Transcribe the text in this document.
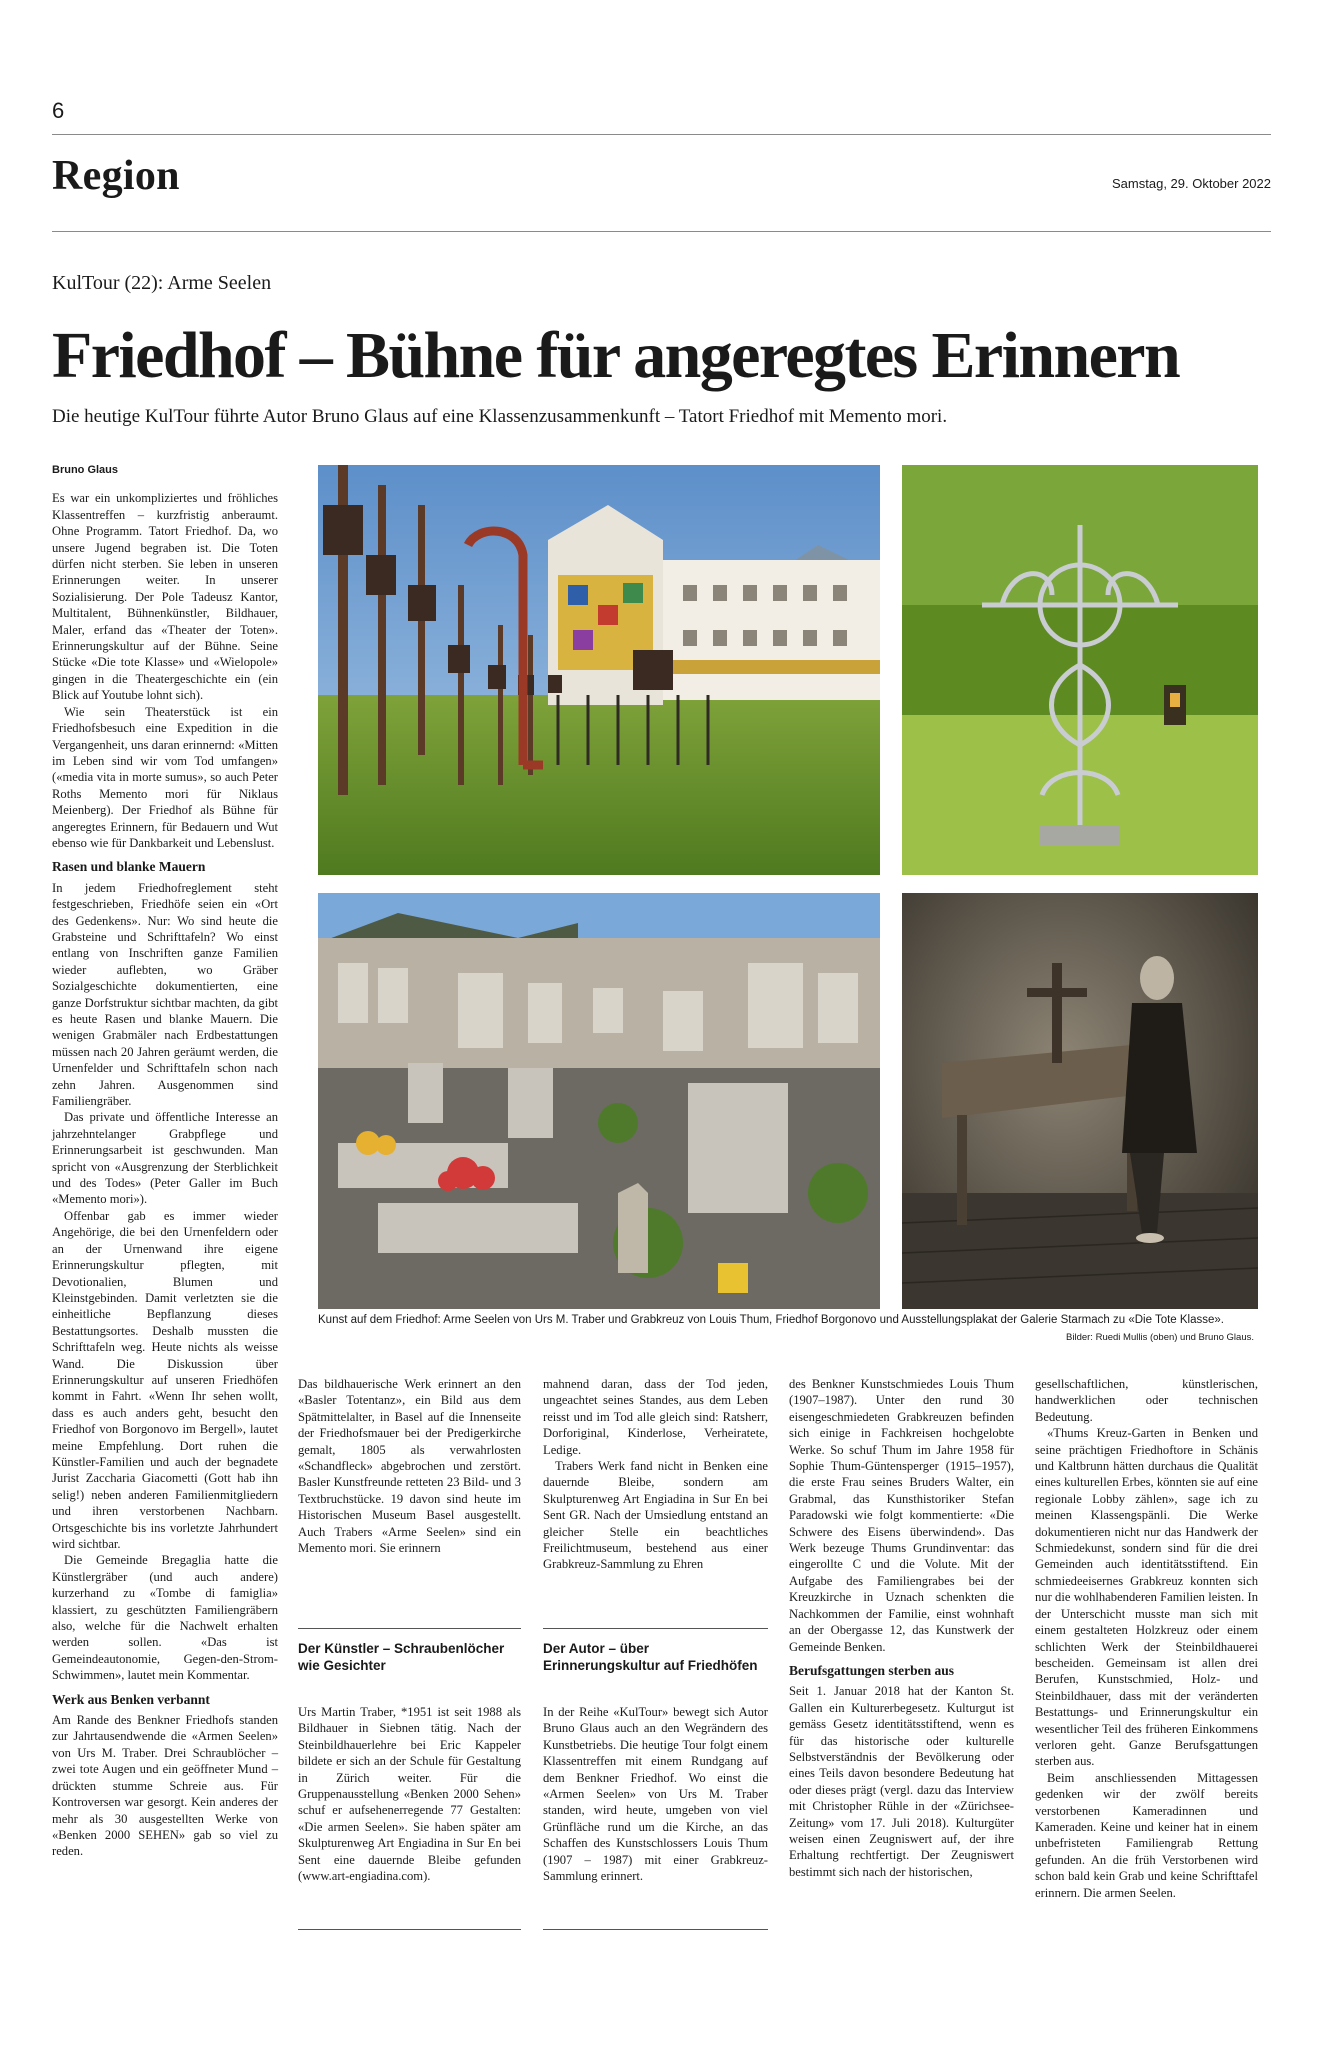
6
Region	Samstag, 29. Oktober 2022
KulTour (22): Arme Seelen
Friedhof – Bühne für angeregtes Erinnern
Die heutige KulTour führte Autor Bruno Glaus auf eine Klassenzusammenkunft – Tatort Friedhof mit Memento mori.
Bruno Glaus

Es war ein unkompliziertes und fröhliches Klassentreffen – kurzfristig anberaumt. Ohne Programm. Tatort Friedhof. Da, wo unsere Jugend begraben ist. Die Toten dürfen nicht sterben. Sie leben in unseren Erinnerungen weiter. In unserer Sozialisierung. Der Pole Tadeusz Kantor, Multitalent, Bühnenkünstler, Bildhauer, Maler, erfand das «Theater der Toten». Erinnerungskultur auf der Bühne. Seine Stücke «Die tote Klasse» und «Wielopole» gingen in die Theatergeschichte ein (ein Blick auf Youtube lohnt sich).

Wie sein Theaterstück ist ein Friedhofsbesuch eine Expedition in die Vergangenheit, uns daran erinnernd: «Mitten im Leben sind wir vom Tod umfangen» («media vita in morte sumus», so auch Peter Roths Memento mori für Niklaus Meienberg). Der Friedhof als Bühne für angeregtes Erinnern, für Bedauern und Wut ebenso wie für Dankbarkeit und Lebenslust.

Rasen und blanke Mauern

In jedem Friedhofreglement steht festgeschrieben, Friedhöfe seien ein «Ort des Gedenkens». Nur: Wo sind heute die Grabsteine und Schrifttafeln? Wo einst entlang von Inschriften ganze Familien wieder auflebten, wo Gräber Sozialgeschichte dokumentierten, eine ganze Dorfstruktur sichtbar machten, da gibt es heute Rasen und blanke Mauern. Die wenigen Grabmäler nach Erdbestattungen müssen nach 20 Jahren geräumt werden, die Urnenfelder und Schrifttafeln schon nach zehn Jahren. Ausgenommen sind Familiengräber.

Das private und öffentliche Interesse an jahrzehntelanger Grabpflege und Erinnerungsarbeit ist geschwunden. Man spricht von «Ausgrenzung der Sterblichkeit und des Todes» (Peter Galler im Buch «Memento mori»).

Offenbar gab es immer wieder Angehörige, die bei den Urnenfeldern oder an der Urnenwand ihre eigene Erinnerungskultur pflegten, mit Devotionalien, Blumen und Kleinstgebinden. Damit verletzten sie die einheitliche Bepflanzung dieses Bestattungsortes. Deshalb mussten die Schrifttafeln weg. Heute nichts als weisse Wand. Die Diskussion über Erinnerungskultur auf unseren Friedhöfen kommt in Fahrt. «Wenn Ihr sehen wollt, dass es auch anders geht, besucht den Friedhof von Borgonovo im Bergell», lautet meine Empfehlung. Dort ruhen die Künstler-Familien und auch der begnadete Jurist Zaccharia Giacometti (Gott hab ihn selig!) neben anderen Familienmitgliedern und ihren verstorbenen Nachbarn. Ortsgeschichte bis ins vorletzte Jahrhundert wird sichtbar.

Die Gemeinde Bregaglia hatte die Künstlergräber (und auch andere) kurzerhand zu «Tombe di famiglia» klassiert, zu geschützten Familiengräbern also, welche für die Nachwelt erhalten werden sollen. «Das ist Gemeindeautonomie, Gegen-den-Strom-Schwimmen», lautet mein Kommentar.

Werk aus Benken verbannt

Am Rande des Benkner Friedhofs standen zur Jahrtausendwende die «Armen Seelen» von Urs M. Traber. Drei Schraublöcher – zwei tote Augen und ein geöffneter Mund – drückten stumme Schreie aus. Für Kontroversen war gesorgt. Kein anderes der mehr als 30 ausgestellten Werke von «Benken 2000 SEHEN» gab so viel zu reden.

Kunst auf dem Friedhof: Arme Seelen von Urs M. Traber und Grabkreuz von Louis Thum, Friedhof Borgonovo und Ausstellungsplakat der Galerie Starmach zu «Die Tote Klasse».
Bilder: Ruedi Mullis (oben) und Bruno Glaus.

Das bildhauerische Werk erinnert an den «Basler Totentanz», ein Bild aus dem Spätmittelalter, in Basel auf die Innenseite der Friedhofsmauer bei der Predigerkirche gemalt, 1805 als verwahrlosten «Schandfleck» abgebrochen und zerstört. Basler Kunstfreunde retteten 23 Bild- und 3 Textbruchstücke. 19 davon sind heute im Historischen Museum Basel ausgestellt. Auch Trabers «Arme Seelen» sind ein Memento mori. Sie erinnern

Der Künstler – Schraubenlöcher wie Gesichter
Urs Martin Traber, *1951 ist seit 1988 als Bildhauer in Siebnen tätig. Nach der Steinbildhauerlehre bei Eric Kappeler bildete er sich an der Schule für Gestaltung in Zürich weiter. Für die Gruppenausstellung «Benken 2000 Sehen» schuf er aufsehenerregende 77 Gestalten: «Die armen Seelen». Sie haben später am Skulpturenweg Art Engiadina in Sur En bei Sent eine dauernde Bleibe gefunden (www.art-engiadina.com).

mahnend daran, dass der Tod jeden, ungeachtet seines Standes, aus dem Leben reisst und im Tod alle gleich sind: Ratsherr, Dorforiginal, Kinderlose, Verheiratete, Ledige.

Trabers Werk fand nicht in Benken eine dauernde Bleibe, sondern am Skulpturenweg Art Engiadina in Sur En bei Sent GR. Nach der Umsiedlung entstand an gleicher Stelle ein beachtliches Freilichtmuseum, bestehend aus einer Grabkreuz-Sammlung zu Ehren

Der Autor – über Erinnerungskultur auf Friedhöfen
In der Reihe «KulTour» bewegt sich Autor Bruno Glaus auch an den Wegrändern des Kunstbetriebs. Die heutige Tour folgt einem Klassentreffen mit einem Rundgang auf dem Benkner Friedhof. Wo einst die «Armen Seelen» von Urs M. Traber standen, wird heute, umgeben von viel Grünfläche rund um die Kirche, an das Schaffen des Kunstschlossers Louis Thum (1907 – 1987) mit einer Grabkreuz-Sammlung erinnert.

des Benkner Kunstschmiedes Louis Thum (1907–1987). Unter den rund 30 eisengeschmiedeten Grabkreuzen befinden sich einige in Fachkreisen hochgelobte Werke. So schuf Thum im Jahre 1958 für Sophie Thum-Güntensperger (1915–1957), die erste Frau seines Bruders Walter, ein Grabmal, das Kunsthistoriker Stefan Paradowski wie folgt kommentierte: «Die Schwere des Eisens überwindend». Das Werk bezeuge Thums Grundinventar: das eingerollte C und die Volute. Mit der Aufgabe des Familiengrabes bei der Kreuzkirche in Uznach schenkten die Nachkommen der Familie, einst wohnhaft an der Obergasse 12, das Kunstwerk der Gemeinde Benken.

Berufsgattungen sterben aus

Seit 1. Januar 2018 hat der Kanton St. Gallen ein Kulturerbegesetz. Kulturgut ist gemäss Gesetz identitätsstiftend, wenn es für das historische oder kulturelle Selbstverständnis der Bevölkerung oder eines Teils davon besondere Bedeutung hat oder dieses prägt (vergl. dazu das Interview mit Christopher Rühle in der «Zürichsee-Zeitung» vom 17. Juli 2018). Kulturgüter weisen einen Zeugniswert auf, der ihre Erhaltung rechtfertigt. Der Zeugniswert bestimmt sich nach der historischen,

gesellschaftlichen, künstlerischen, handwerklichen oder technischen Bedeutung.

«Thums Kreuz-Garten in Benken und seine prächtigen Friedhoftore in Schänis und Kaltbrunn hätten durchaus die Qualität eines kulturellen Erbes, könnten sie auf eine regionale Lobby zählen», sage ich zu meinen Klassengspänli. Die Werke dokumentieren nicht nur das Handwerk der Schmiedekunst, sondern sind für die drei Gemeinden auch identitätsstiftend. Ein schmiedeeisernes Grabkreuz konnten sich nur die wohlhabenderen Familien leisten. In der Unterschicht musste man sich mit einem gestalteten Holzkreuz oder einem schlichten Werk der Steinbildhauerei bescheiden. Gemeinsam ist allen drei Berufen, Kunstschmied, Holz- und Steinbildhauer, dass mit der veränderten Bestattungs- und Erinnerungskultur ein wesentlicher Teil des früheren Einkommens verloren geht. Ganze Berufsgattungen sterben aus.

Beim anschliessenden Mittagessen gedenken wir der zwölf bereits verstorbenen Kameradinnen und Kameraden. Keine und keiner hat in einem unbefristeten Familiengrab Rettung gefunden. An die früh Verstorbenen wird schon bald kein Grab und keine Schrifttafel erinnern. Die armen Seelen.
